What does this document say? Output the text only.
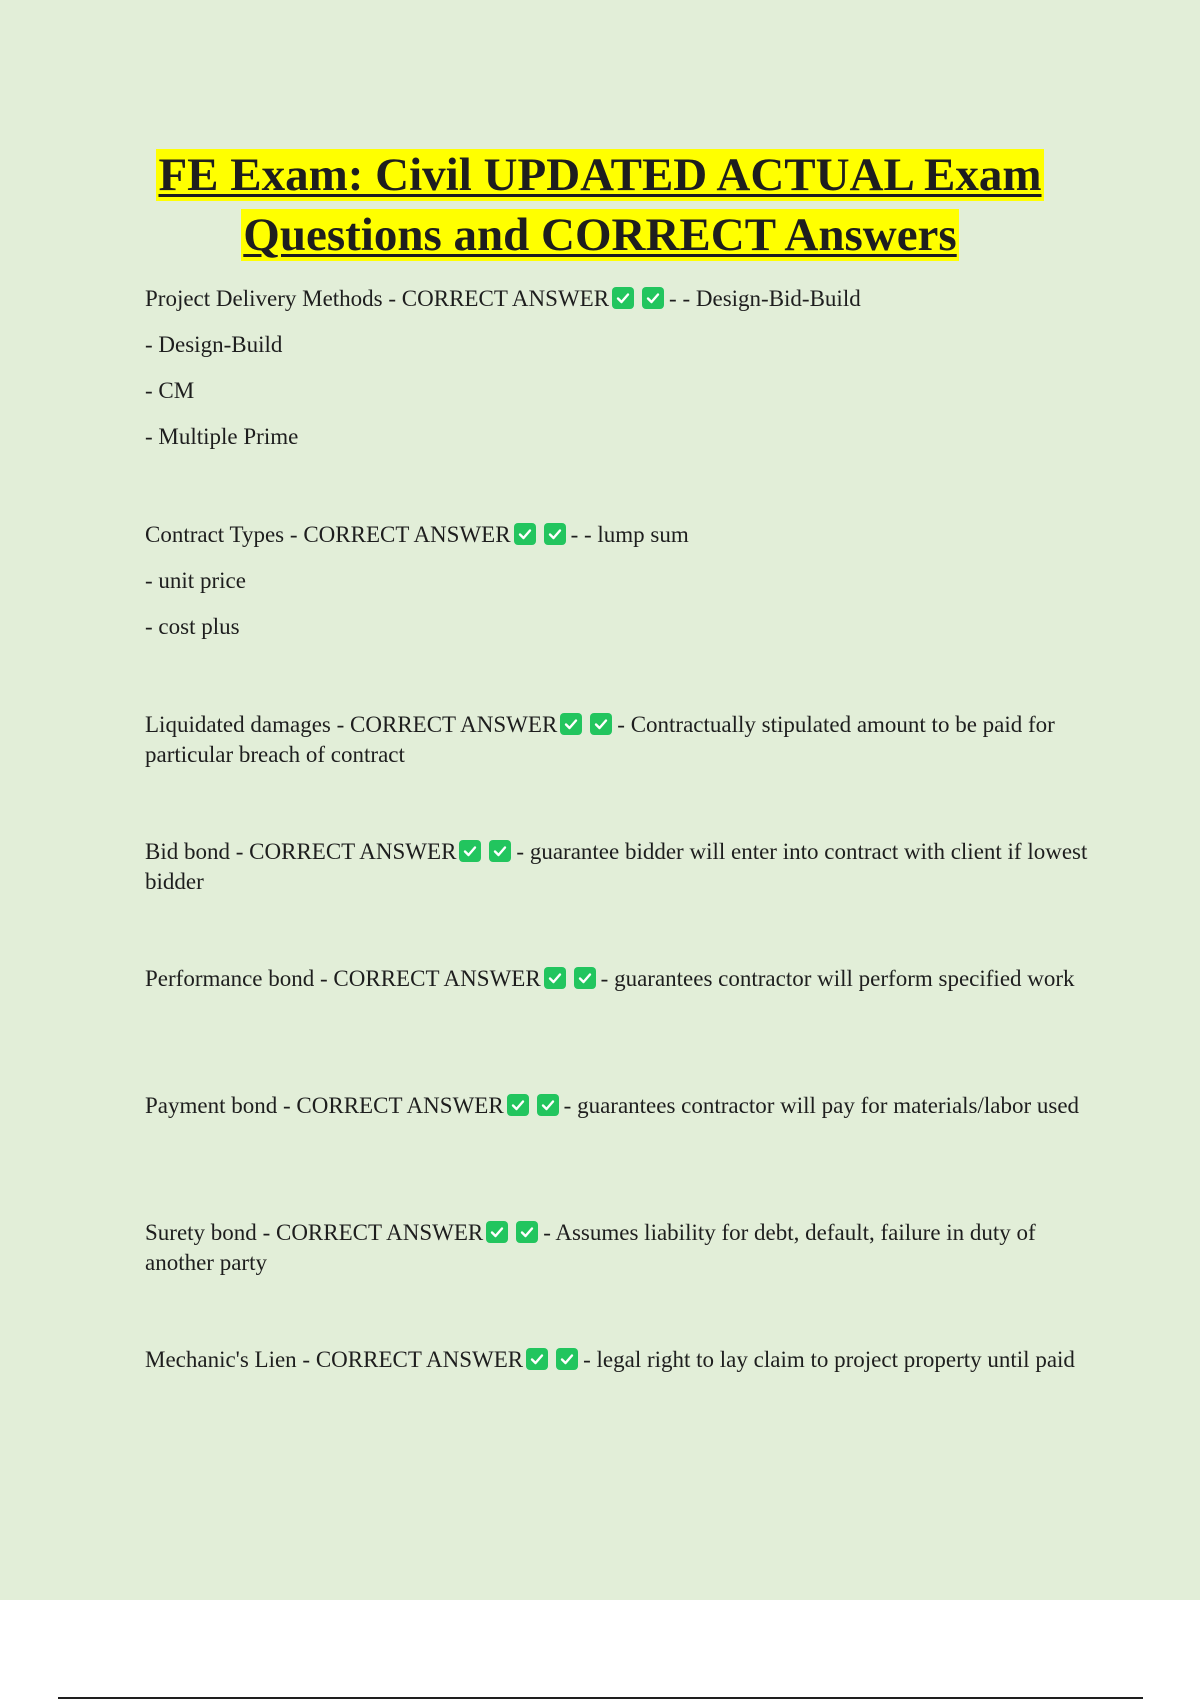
FE Exam: Civil UPDATED ACTUAL Exam
Questions and CORRECT Answers

Project Delivery Methods - CORRECT ANSWER	- - Design-Bid-Build

- Design-Build

- CM

- Multiple Prime

Contract Types - CORRECT ANSWER	- - lump sum

- unit price

- cost plus

Liquidated damages - CORRECT ANSWER	- Contractually stipulated amount to be paid for particular breach of contract

Bid bond - CORRECT ANSWER	- guarantee bidder will enter into contract with client if lowest bidder

Performance bond - CORRECT ANSWER	- guarantees contractor will perform specified work

Payment bond - CORRECT ANSWER	- guarantees contractor will pay for materials/labor used

Surety bond - CORRECT ANSWER	- Assumes liability for debt, default, failure in duty of another party

Mechanic's Lien - CORRECT ANSWER	- legal right to lay claim to project property until paid
